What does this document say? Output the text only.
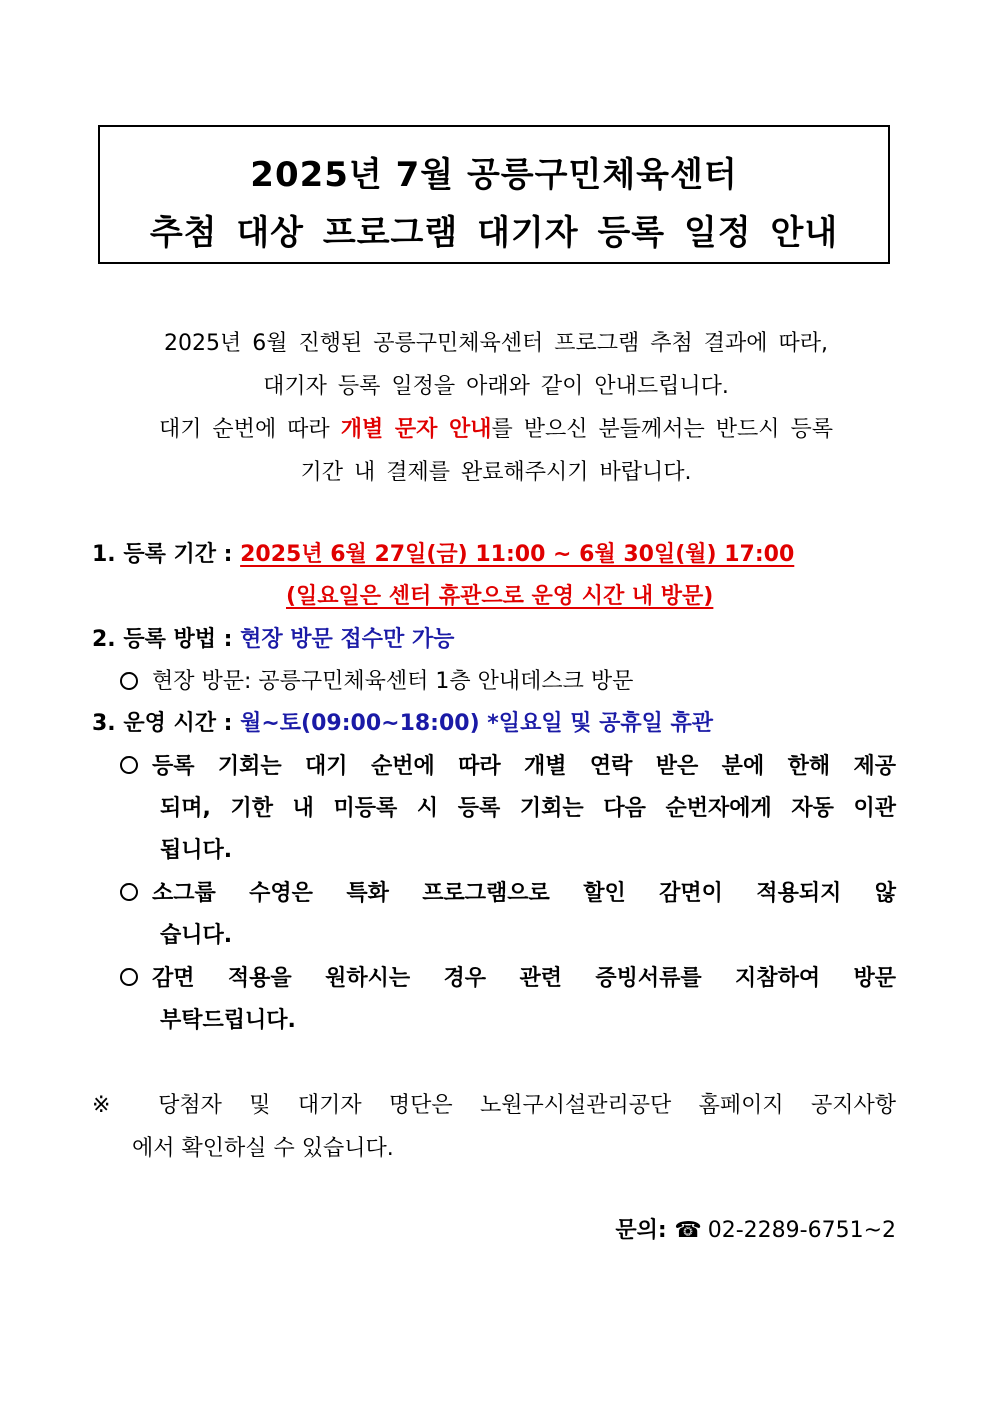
2025년 7월 공릉구민체육센터
추첨 대상 프로그램 대기자 등록 일정 안내
2025년 6월 진행된 공릉구민체육센터 프로그램 추첨 결과에 따라,
대기자 등록 일정을 아래와 같이 안내드립니다.
대기 순번에 따라 개별 문자 안내를 받으신 분들께서는 반드시 등록
기간 내 결제를 완료해주시기 바랍니다.
1. 등록 기간 : 2025년 6월 27일(금) 11:00 ~ 6월 30일(월) 17:00
(일요일은 센터 휴관으로 운영 시간 내 방문)
2. 등록 방법 : 현장 방문 접수만 가능
현장 방문: 공릉구민체육센터 1층 안내데스크 방문
3. 운영 시간 : 월~토(09:00~18:00) *일요일 및 공휴일 휴관
등록 기회는 대기 순번에 따라 개별 연락 받은 분에 한해 제공
되며, 기한 내 미등록 시 등록 기회는 다음 순번자에게 자동 이관
됩니다.
소그룹 수영은 특화 프로그램으로 할인 감면이 적용되지 않
습니다.
감면 적용을 원하시는 경우 관련 증빙서류를 지참하여 방문
부탁드립니다.
※ 당첨자 및 대기자 명단은 노원구시설관리공단 홈페이지 공지사항
에서 확인하실 수 있습니다.
문의: ☎ 02-2289-6751~2
